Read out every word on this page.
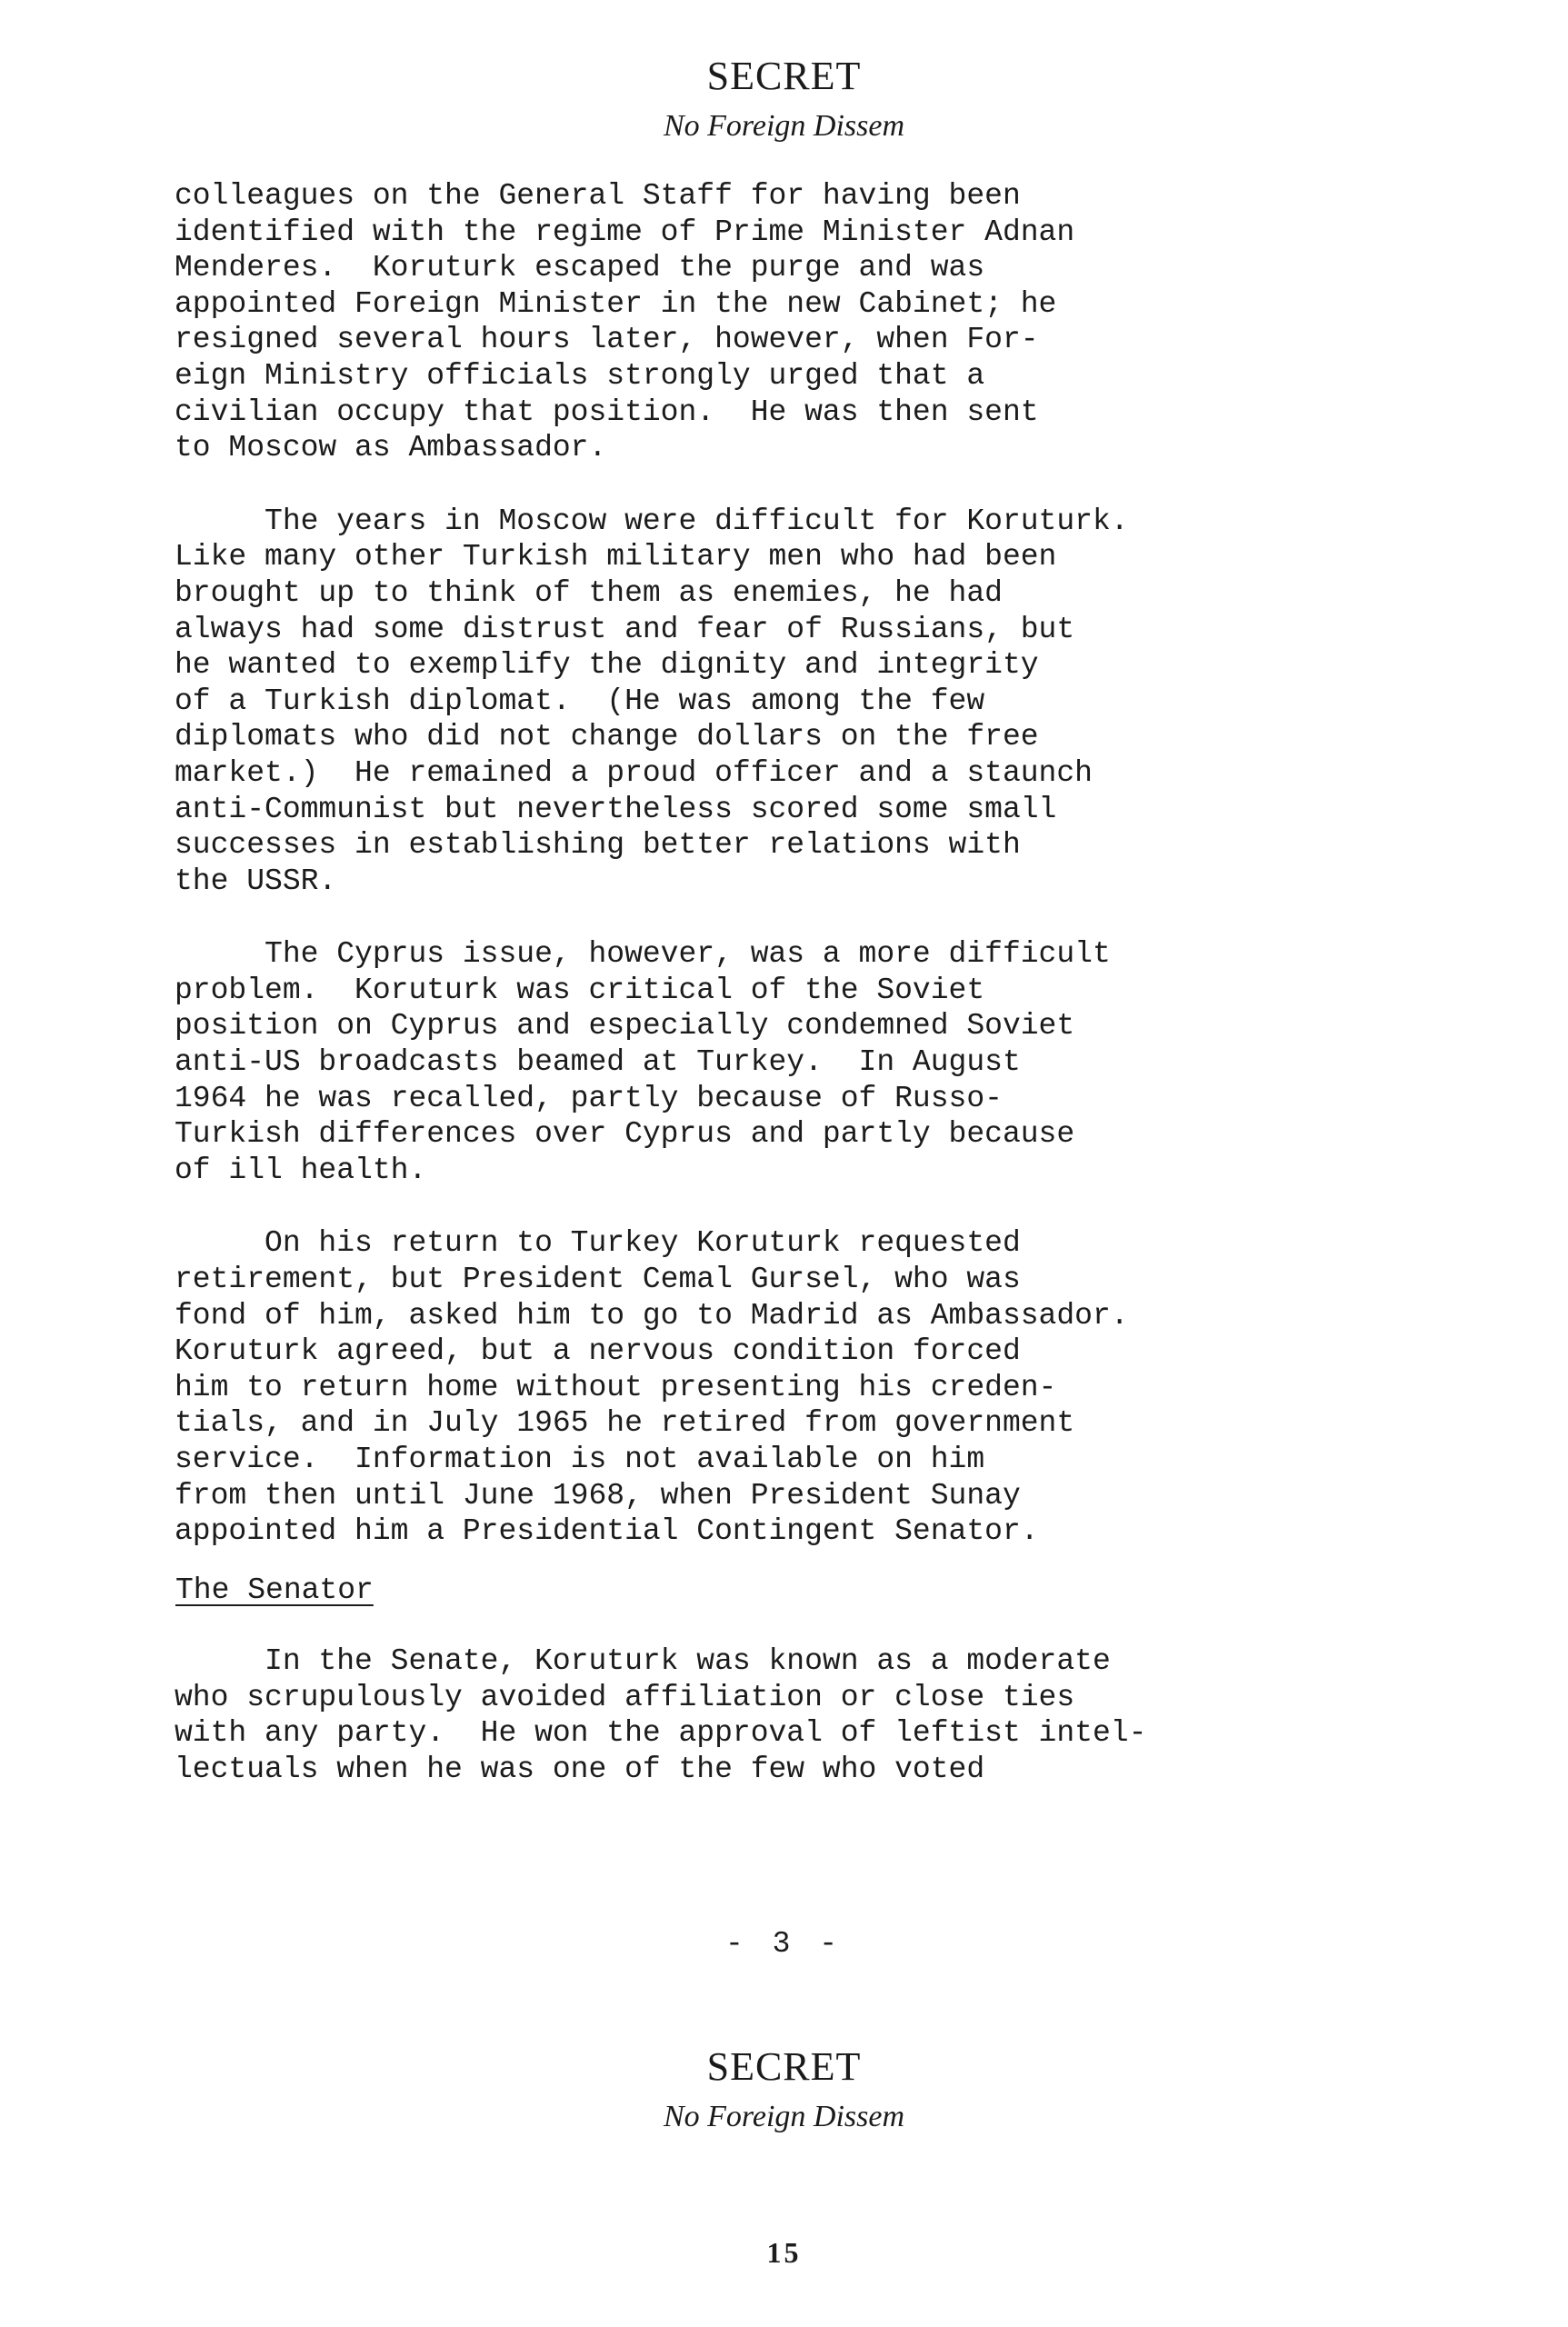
SECRET
No Foreign Dissem
colleagues on the General Staff for having been
identified with the regime of Prime Minister Adnan
Menderes.  Koruturk escaped the purge and was
appointed Foreign Minister in the new Cabinet; he
resigned several hours later, however, when For-
eign Ministry officials strongly urged that a
civilian occupy that position.  He was then sent
to Moscow as Ambassador.
The years in Moscow were difficult for Koruturk.
Like many other Turkish military men who had been
brought up to think of them as enemies, he had
always had some distrust and fear of Russians, but
he wanted to exemplify the dignity and integrity
of a Turkish diplomat.  (He was among the few
diplomats who did not change dollars on the free
market.)  He remained a proud officer and a staunch
anti-Communist but nevertheless scored some small
successes in establishing better relations with
the USSR.
The Cyprus issue, however, was a more difficult
problem.  Koruturk was critical of the Soviet
position on Cyprus and especially condemned Soviet
anti-US broadcasts beamed at Turkey.  In August
1964 he was recalled, partly because of Russo-
Turkish differences over Cyprus and partly because
of ill health.
On his return to Turkey Koruturk requested
retirement, but President Cemal Gursel, who was
fond of him, asked him to go to Madrid as Ambassador.
Koruturk agreed, but a nervous condition forced
him to return home without presenting his creden-
tials, and in July 1965 he retired from government
service.  Information is not available on him
from then until June 1968, when President Sunay
appointed him a Presidential Contingent Senator.
The Senator
In the Senate, Koruturk was known as a moderate
who scrupulously avoided affiliation or close ties
with any party.  He won the approval of leftist intel-
lectuals when he was one of the few who voted
- 3 -
SECRET
No Foreign Dissem
15
